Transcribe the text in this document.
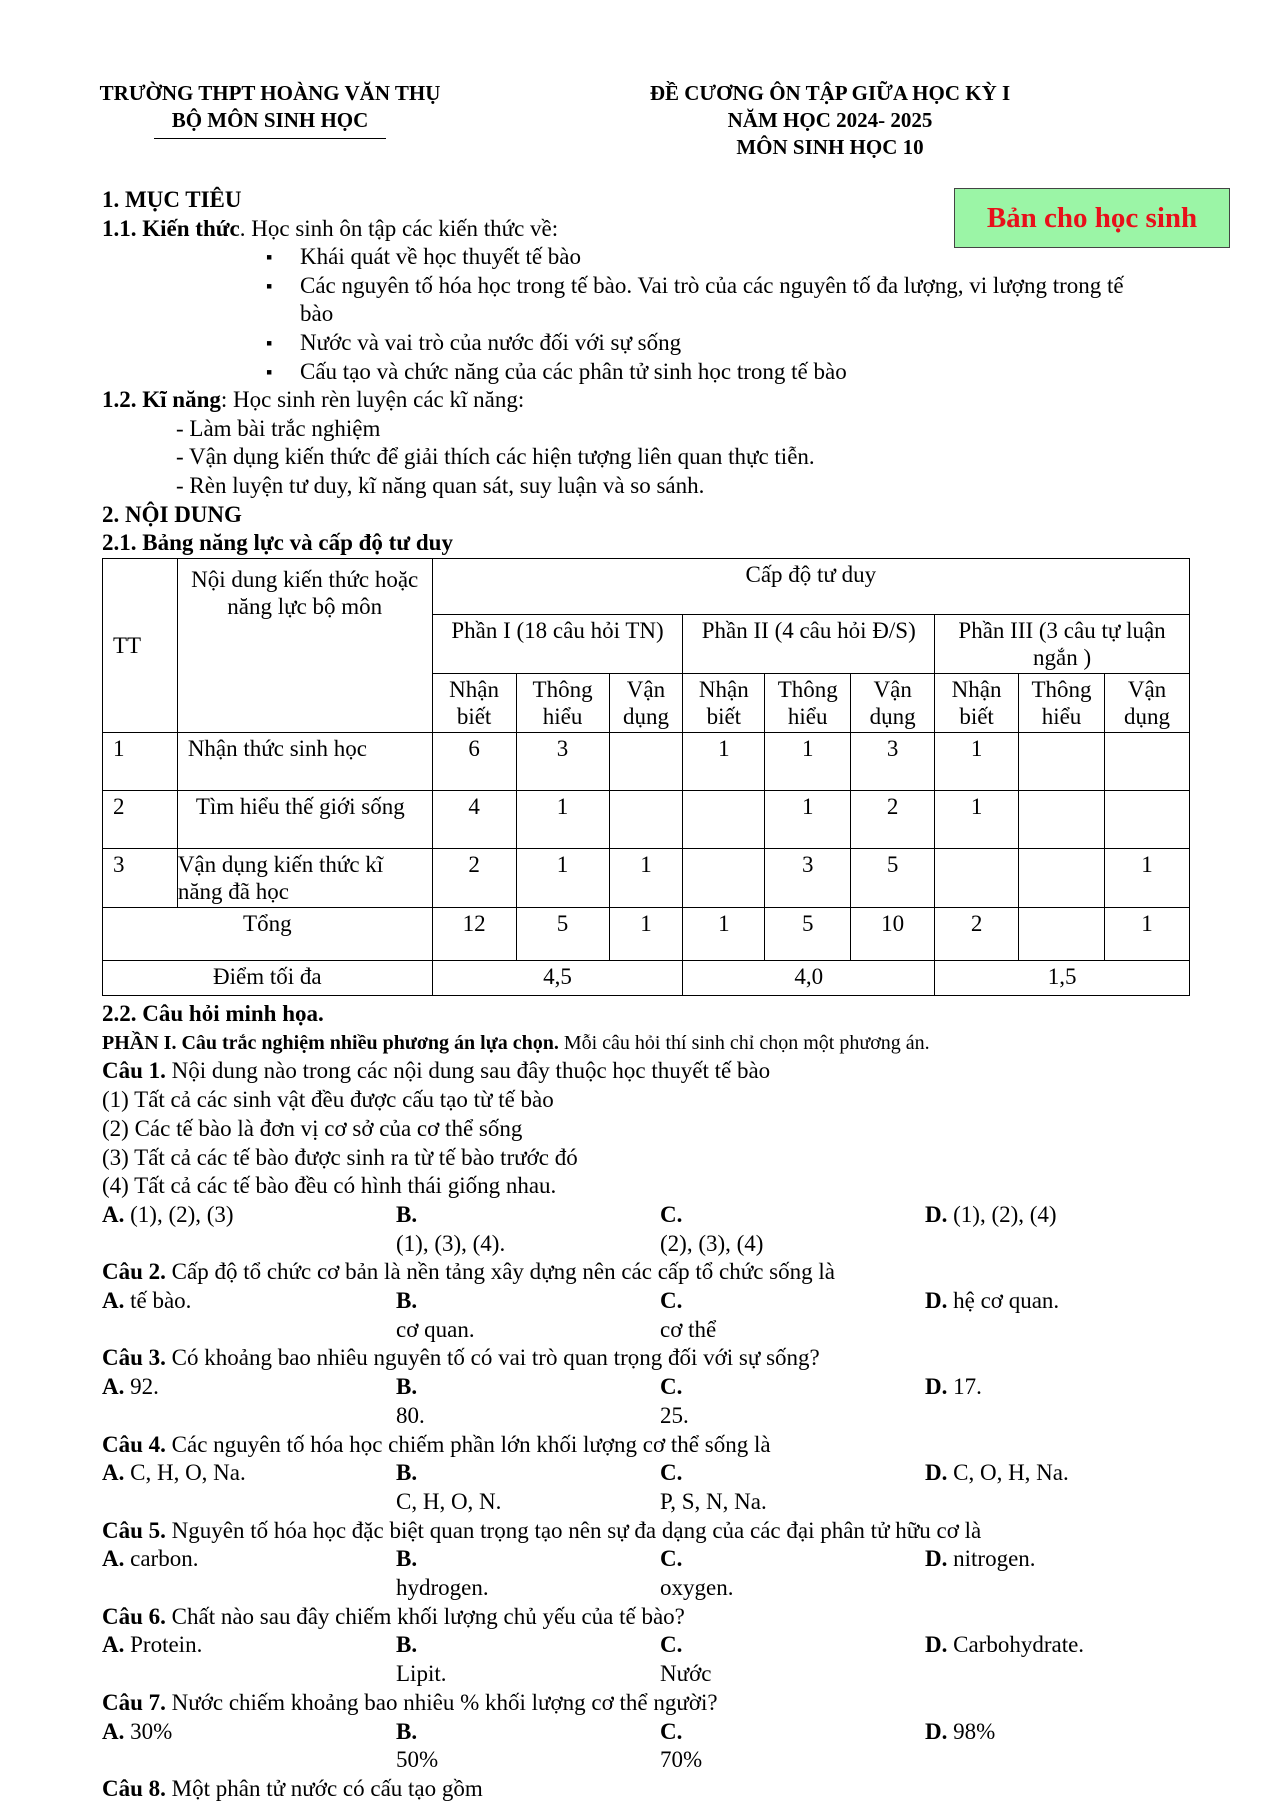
TRƯỜNG THPT HOÀNG VĂN THỤ
BỘ MÔN SINH HỌC
ĐỀ CƯƠNG ÔN TẬP GIỮA HỌC KỲ I
NĂM HỌC 2024- 2025
MÔN SINH HỌC 10
Bản cho học sinh
1. MỤC TIÊU
1.1. Kiến thức. Học sinh ôn tập các kiến thức về:
▪ Khái quát về học thuyết tế bào
▪ Các nguyên tố hóa học trong tế bào. Vai trò của các nguyên tố đa lượng, vi lượng trong tế
bào
▪ Nước và vai trò của nước đối với sự sống
▪ Cấu tạo và chức năng của các phân tử sinh học trong tế bào
1.2. Kĩ năng: Học sinh rèn luyện các kĩ năng:
- Làm bài trắc nghiệm
- Vận dụng kiến thức để giải thích các hiện tượng liên quan thực tiễn.
- Rèn luyện tư duy, kĩ năng quan sát, suy luận và so sánh.
2. NỘI DUNG
2.1. Bảng năng lực và cấp độ tư duy
TT	Nội dung kiến thức hoặc năng lực bộ môn	Cấp độ tư duy								
		Phần I (18 câu hỏi TN)			Phần II (4 câu hỏi Đ/S)			Phần III (3 câu tự luận ngắn )		
		Nhận biết	Thông hiểu	Vận dụng	Nhận biết	Thông hiểu	Vận dụng	Nhận biết	Thông hiểu	Vận dụng
1	Nhận thức sinh học	6	3		1	1	3	1		
2	Tìm hiểu thế giới sống	4	1			1	2	1		
3	Vận dụng kiến thức kĩ năng đã học	2	1	1		3	5			1
Tổng		12	5	1	1	5	10	2		1
Điểm tối đa		4,5			4,0			1,5		
2.2. Câu hỏi minh họa.
PHẦN I. Câu trắc nghiệm nhiều phương án lựa chọn. Mỗi câu hỏi thí sinh chỉ chọn một phương án.
Câu 1. Nội dung nào trong các nội dung sau đây thuộc học thuyết tế bào
(1) Tất cả các sinh vật đều được cấu tạo từ tế bào
(2) Các tế bào là đơn vị cơ sở của cơ thể sống
(3) Tất cả các tế bào được sinh ra từ tế bào trước đó
(4) Tất cả các tế bào đều có hình thái giống nhau.
A. (1), (2), (3)	B. (1), (3), (4).
C. (2), (3), (4)
D. (1), (2), (4)
Câu 2. Cấp độ tổ chức cơ bản là nền tảng xây dựng nên các cấp tổ chức sống là
A. tế bào.	B. cơ quan.
C. cơ thể
D. hệ cơ quan.
Câu 3. Có khoảng bao nhiêu nguyên tố có vai trò quan trọng đối với sự sống?
A. 92.	B. 80.
C. 25.
D. 17.
Câu 4. Các nguyên tố hóa học chiếm phần lớn khối lượng cơ thể sống là
A. C, H, O, Na.	B. C, H, O, N.
C. P, S, N, Na.
D. C, O, H, Na.
Câu 5. Nguyên tố hóa học đặc biệt quan trọng tạo nên sự đa dạng của các đại phân tử hữu cơ là
A. carbon.	B. hydrogen.
C. oxygen.
D. nitrogen.
Câu 6. Chất nào sau đây chiếm khối lượng chủ yếu của tế bào?
A. Protein.	B. Lipit.
C. Nước
D. Carbohydrate.
Câu 7. Nước chiếm khoảng bao nhiêu % khối lượng cơ thể người?
A. 30%	B. 50%
C. 70%
D. 98%
Câu 8. Một phân tử nước có cấu tạo gồm
